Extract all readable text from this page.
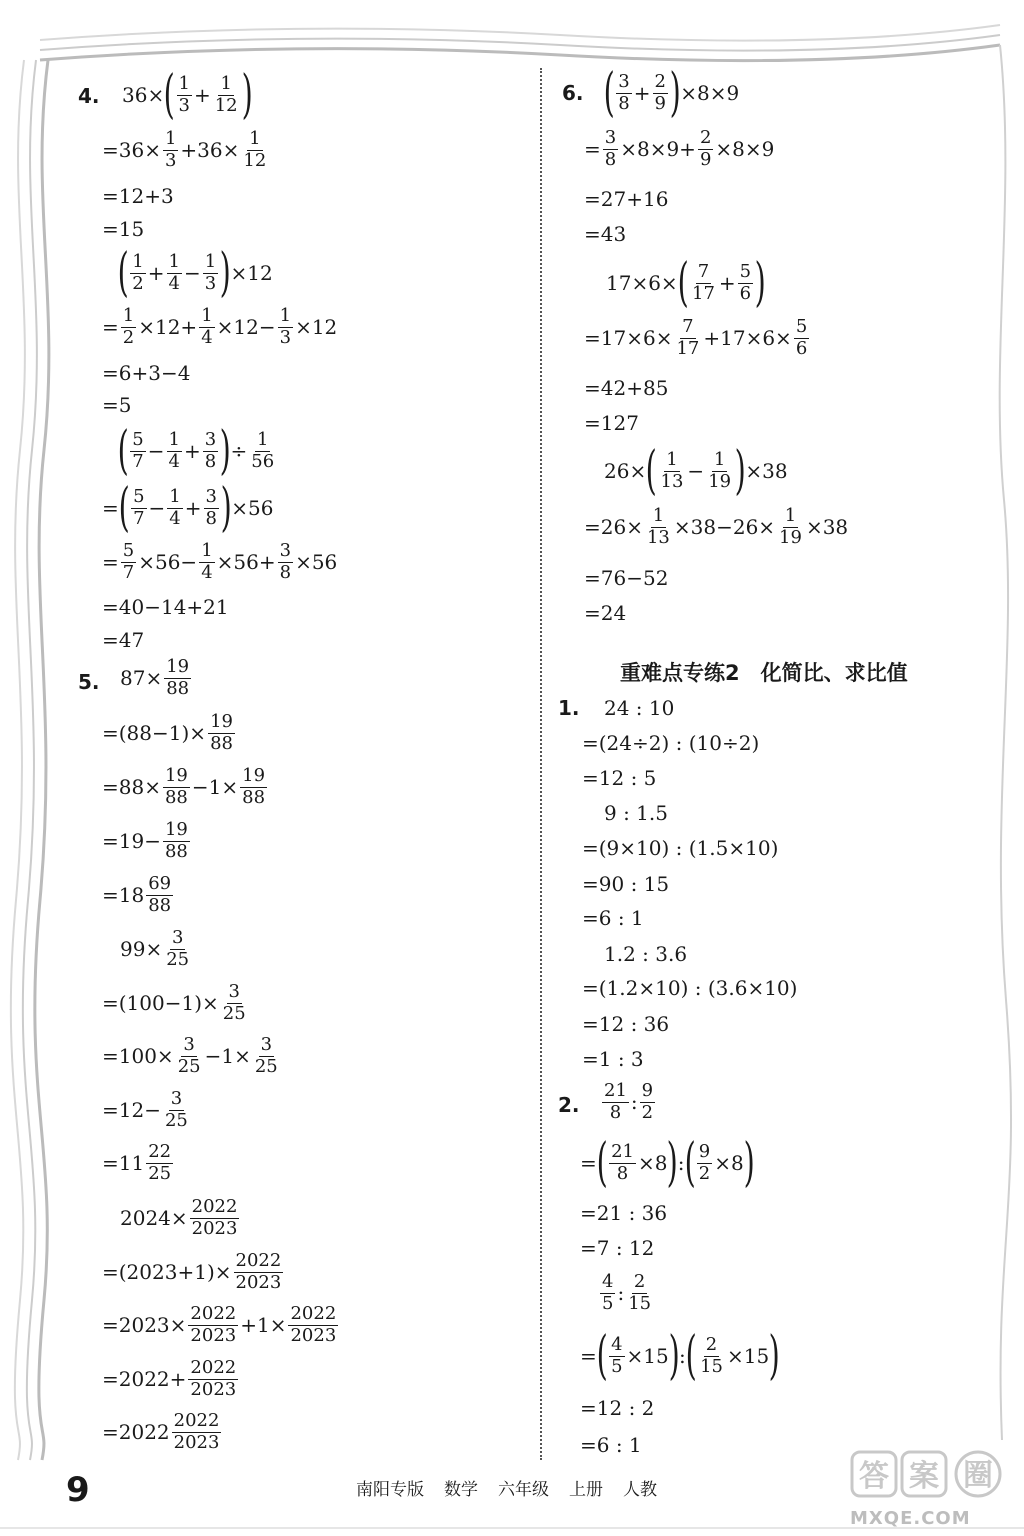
4. 36× ( $\frac{1}{3} + \frac{1}{12}$ )
$=36\times \frac{1}{3} +36\times \frac{1}{12}$
=12+3
=15
( $\frac{1}{2} + \frac{1}{4} - \frac{1}{3}$ ) ×12
= $\frac{1}{2} \times 12+ \frac{1}{4} \times 12- \frac{1}{3} \times 12$
=6+3−4
=5
( $\frac{5}{7} - \frac{1}{4} + \frac{3}{8}$ ) ÷ $\frac{1}{56}$
= ( $\frac{5}{7} - \frac{1}{4} + \frac{3}{8}$ ) ×56
= $\frac{5}{7} \times 56- \frac{1}{4} \times 56+ \frac{3}{8} \times 56$
=40−14+21
=47
5. $87\times \frac{19}{88}$
$=(88-1)\times \frac{19}{88}$
$=88\times \frac{19}{88} -1\times \frac{19}{88}$
$=19- \frac{19}{88}$
$=18 \frac{69}{88}$
$99\times \frac{3}{25}$
$=(100-1)\times \frac{3}{25}$
$=100\times \frac{3}{25} -1\times \frac{3}{25}$
$=12- \frac{3}{25}$
$=11 \frac{22}{25}$
$2024\times \frac{2022}{2023}$
$=(2023+1)\times \frac{2022}{2023}$
$=2023\times \frac{2022}{2023} +1\times \frac{2022}{2023}$
$=2022+ \frac{2022}{2023}$
$=2022 \frac{2022}{2023}$
6. ( $\frac{3}{8} + \frac{2}{9}$ ) ×8×9
= $\frac{3}{8} \times 8\times 9+ \frac{2}{9} \times 8\times 9$
=27+16
=43
17×6× ( $\frac{7}{17} + \frac{5}{6}$ )
$=17\times 6\times \frac{7}{17} +17\times 6\times \frac{5}{6}$
=42+85
=127
26× ( $\frac{1}{13} - \frac{1}{19}$ ) ×38
$=26\times \frac{1}{13} \times 38-26\times \frac{1}{19} \times 38$
=76−52
=24
重难点专练2　化简比、求比值
1. 24 : 10
=(24÷2) : (10÷2)
=12 : 5
9 : 1.5
=(9×10) : (1.5×10)
=90 : 15
=6 : 1
1.2 : 3.6
=(1.2×10) : (3.6×10)
=12 : 36
=1 : 3
2. $\frac{21}{8}$ : $\frac{9}{2}$
= ( $\frac{21}{8} \times 8$ ) : ( $\frac{9}{2} \times 8$ )
=21 : 36
=7 : 12
$\frac{4}{5}$ : $\frac{2}{15}$
= ( $\frac{4}{5} \times 15$ ) : ( $\frac{2}{15} \times 15$ )
=12 : 2
=6 : 1
9	南阳专版 数学 六年级 上册 人教	答 案 圈
MXQE.COM
